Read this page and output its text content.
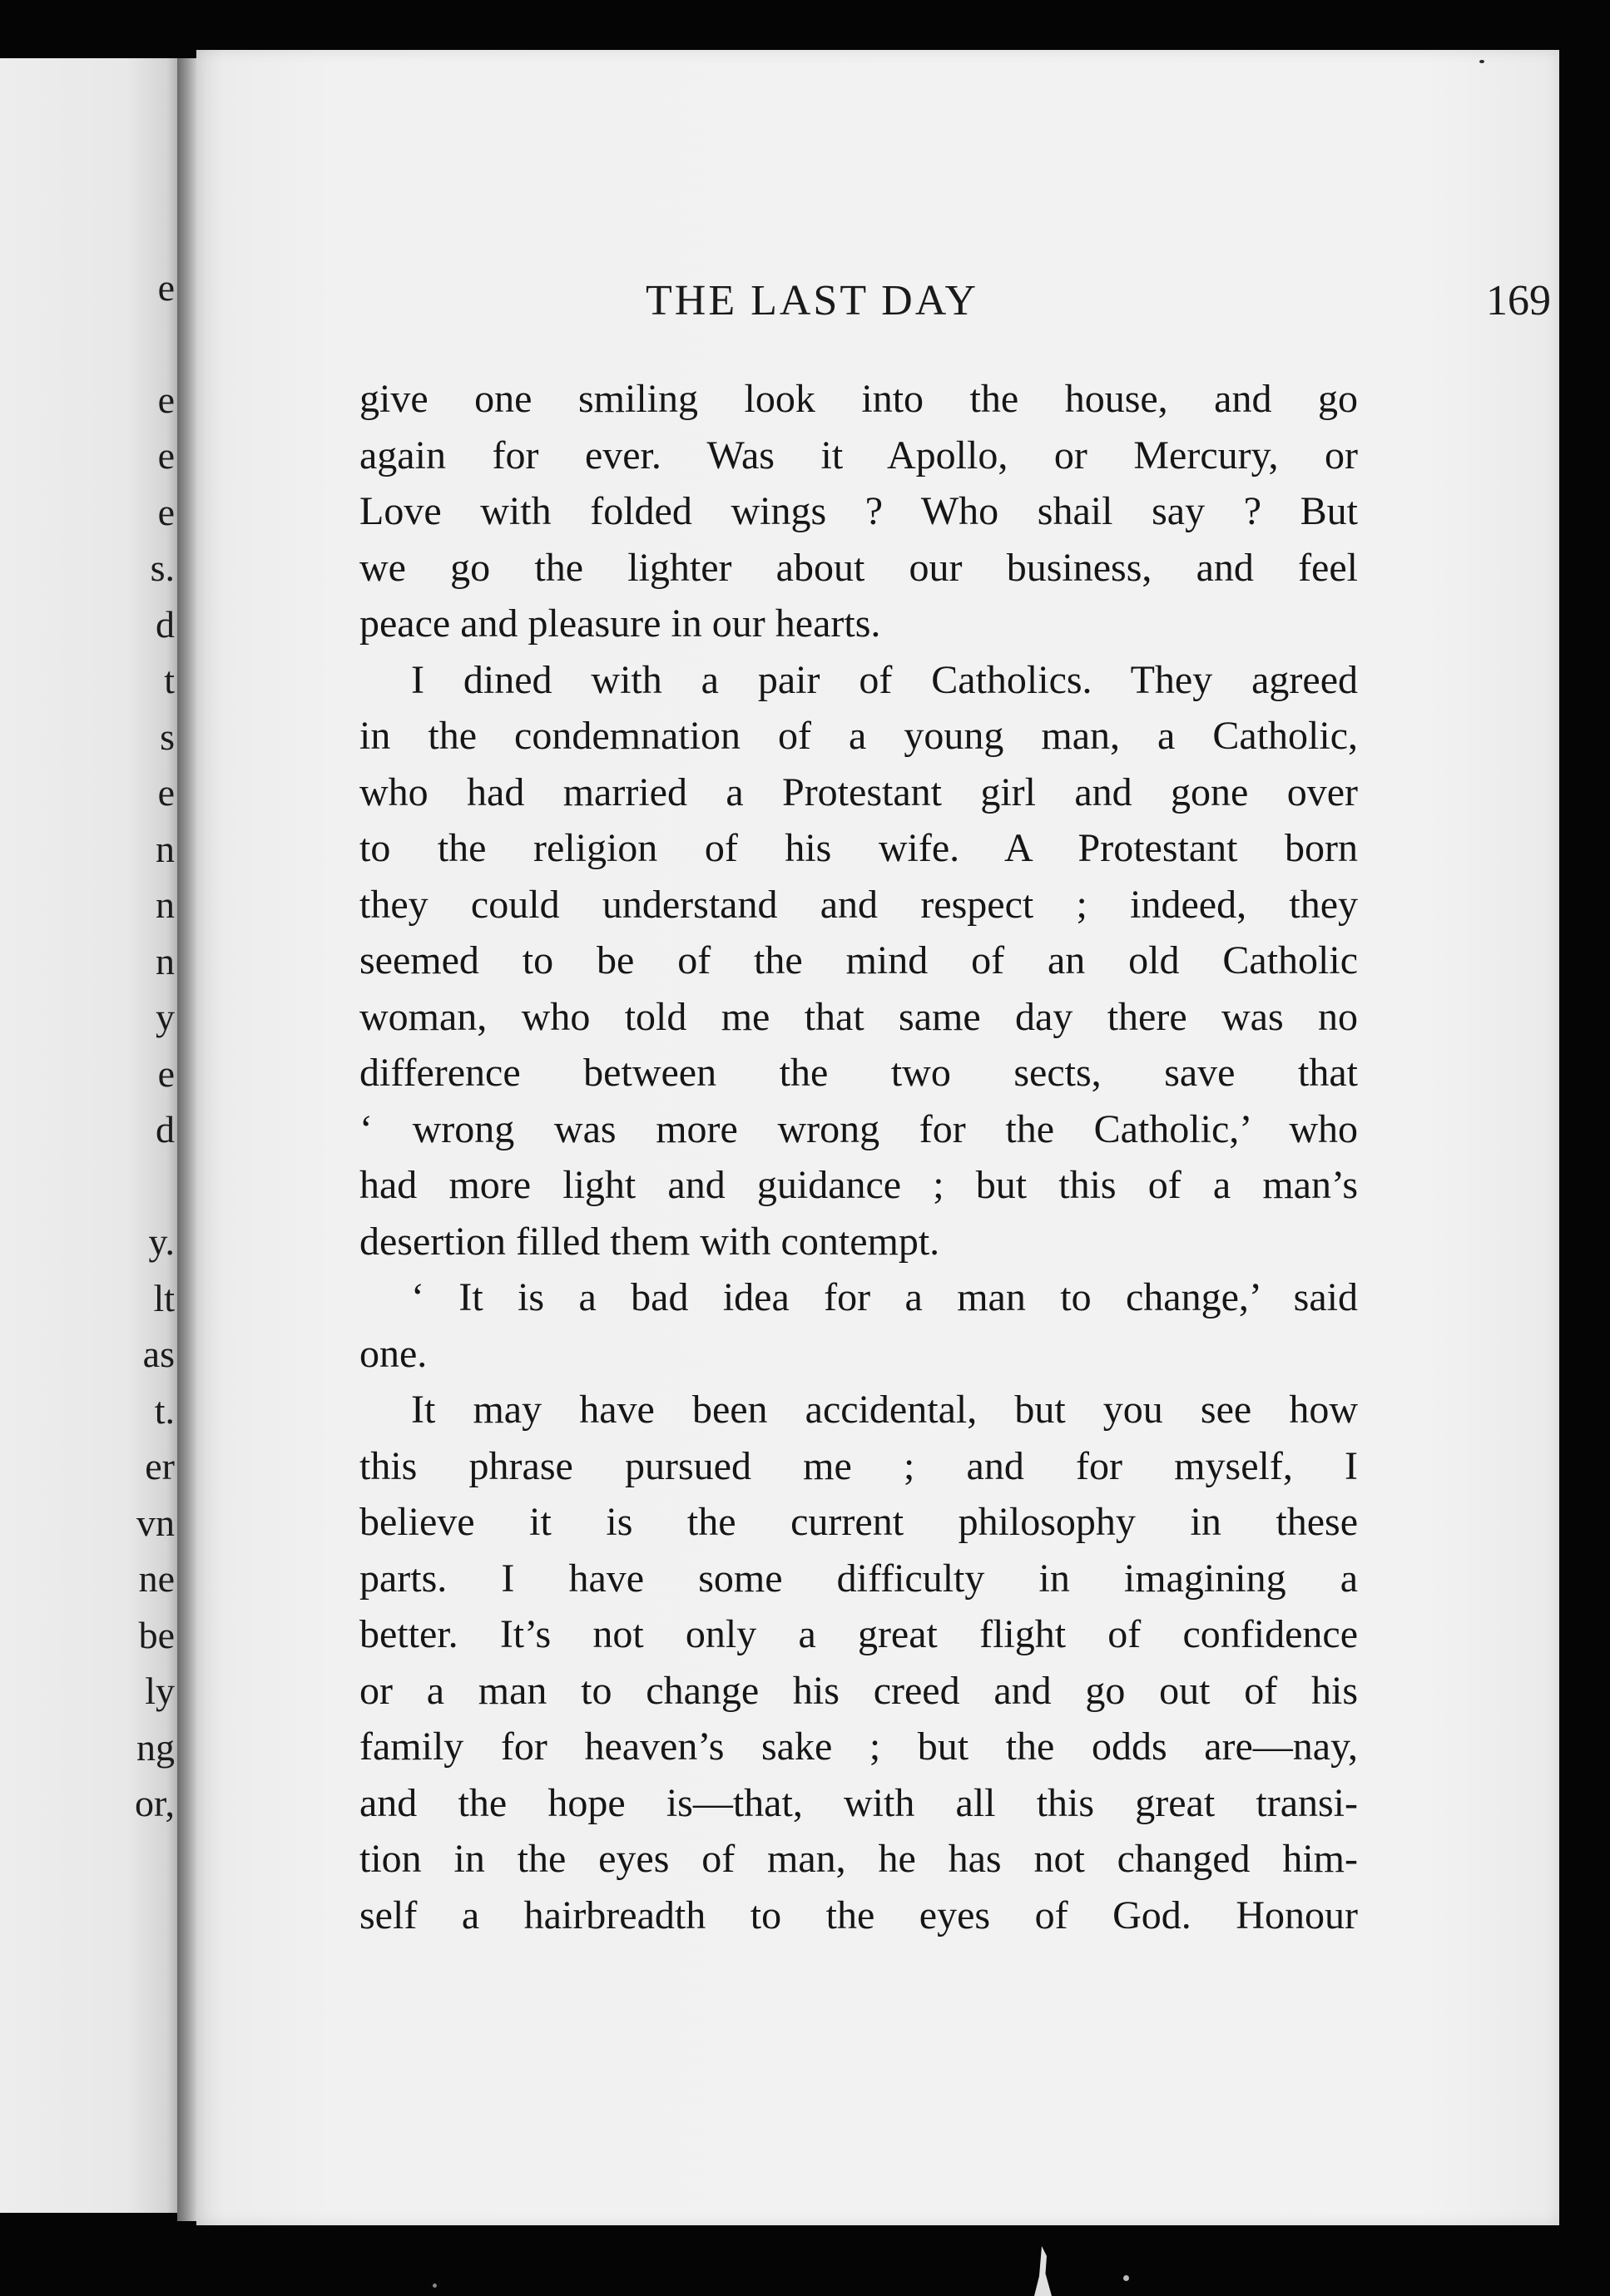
e
e
e
e
s.
d
t
s
e
n
n
n
y
e
d
y.
lt
as
t.
er
vn
ne
be
ly
ng
or,
THE LAST DAY	169
give one smiling look into the house, and go
again for ever. Was it Apollo, or Mercury, or
Love with folded wings ? Who shail say ? But
we go the lighter about our business, and feel
peace and pleasure in our hearts.
I dined with a pair of Catholics. They agreed
in the condemnation of a young man, a Catholic,
who had married a Protestant girl and gone over
to the religion of his wife. A Protestant born
they could understand and respect ; indeed, they
seemed to be of the mind of an old Catholic
woman, who told me that same day there was no
difference between the two sects, save that
‘ wrong was more wrong for the Catholic,’ who
had more light and guidance ; but this of a man’s
desertion filled them with contempt.
‘ It is a bad idea for a man to change,’ said
one.
It may have been accidental, but you see how
this phrase pursued me ; and for myself, I
believe it is the current philosophy in these
parts. I have some difficulty in imagining a
better. It’s not only a great flight of confidence
or a man to change his creed and go out of his
family for heaven’s sake ; but the odds are—nay,
and the hope is—that, with all this great transi-
tion in the eyes of man, he has not changed him-
self a hairbreadth to the eyes of God. Honour
